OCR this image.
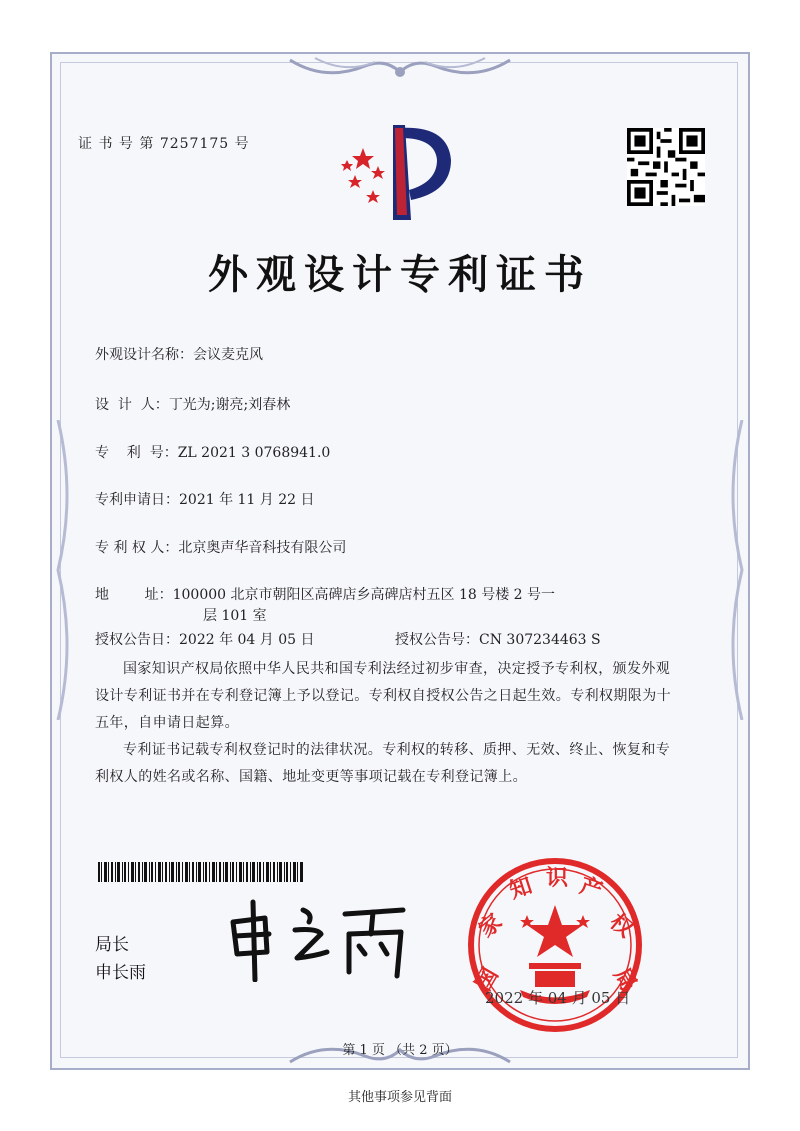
证 书 号 第 7257175 号
外观设计专利证书
外观设计名称：会议麦克风
设  计  人：丁光为;谢亮;刘春林
专    利  号：ZL 2021 3 0768941.0
专利申请日：2021 年 11 月 22 日
专 利 权 人：北京奥声华音科技有限公司
地        址：100000 北京市朝阳区高碑店乡高碑店村五区 18 号楼 2 号一
层 101 室
授权公告日：2022 年 04 月 05 日	授权公告号：CN 307234463 S
国家知识产权局依照中华人民共和国专利法经过初步审查，决定授予专利权，颁发外观
设计专利证书并在专利登记簿上予以登记。专利权自授权公告之日起生效。专利权期限为十
五年，自申请日起算。
专利证书记载专利权登记时的法律状况。专利权的转移、质押、无效、终止、恢复和专
利权人的姓名或名称、国籍、地址变更等事项记载在专利登记簿上。
局长
申长雨	国
家
知 识 产
权
局
2022 年 04 月 05 日
第 1 页 （共 2 页）
其他事项参见背面
